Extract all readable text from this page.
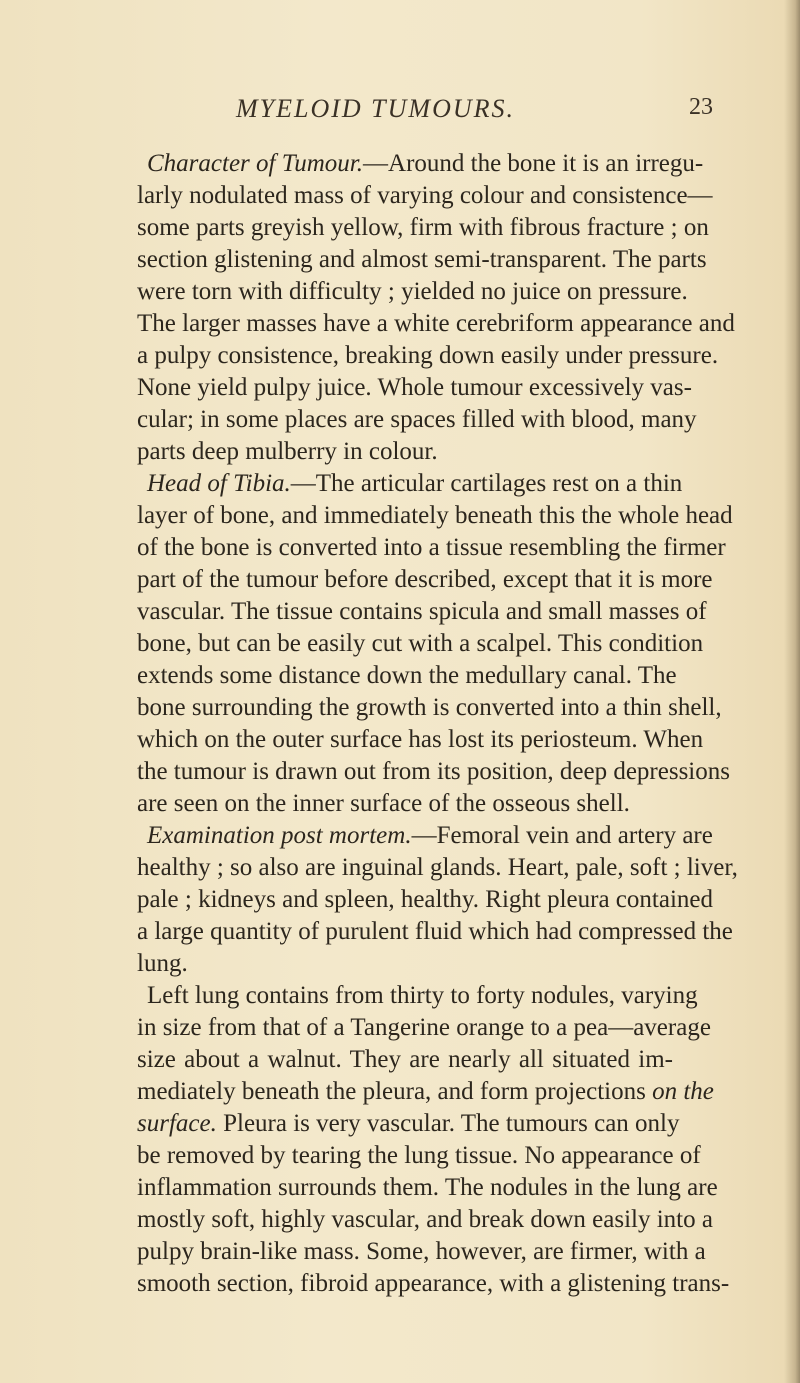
MYELOID TUMOURS.	23
Character of Tumour.—Around the bone it is an irregu-
larly nodulated mass of varying colour and consistence—
some parts greyish yellow, firm with fibrous fracture ; on
section glistening and almost semi-transparent. The parts
were torn with difficulty ; yielded no juice on pressure.
The larger masses have a white cerebriform appearance and
a pulpy consistence, breaking down easily under pressure.
None yield pulpy juice. Whole tumour excessively vas-
cular; in some places are spaces filled with blood, many
parts deep mulberry in colour.
Head of Tibia.—The articular cartilages rest on a thin
layer of bone, and immediately beneath this the whole head
of the bone is converted into a tissue resembling the firmer
part of the tumour before described, except that it is more
vascular. The tissue contains spicula and small masses of
bone, but can be easily cut with a scalpel. This condition
extends some distance down the medullary canal. The
bone surrounding the growth is converted into a thin shell,
which on the outer surface has lost its periosteum. When
the tumour is drawn out from its position, deep depressions
are seen on the inner surface of the osseous shell.
Examination post mortem.—Femoral vein and artery are
healthy ; so also are inguinal glands. Heart, pale, soft ; liver,
pale ; kidneys and spleen, healthy. Right pleura contained
a large quantity of purulent fluid which had compressed the
lung.
Left lung contains from thirty to forty nodules, varying
in size from that of a Tangerine orange to a pea—average
size about a walnut. They are nearly all situated im-
mediately beneath the pleura, and form projections on the
surface. Pleura is very vascular. The tumours can only
be removed by tearing the lung tissue. No appearance of
inflammation surrounds them. The nodules in the lung are
mostly soft, highly vascular, and break down easily into a
pulpy brain-like mass. Some, however, are firmer, with a
smooth section, fibroid appearance, with a glistening trans-
